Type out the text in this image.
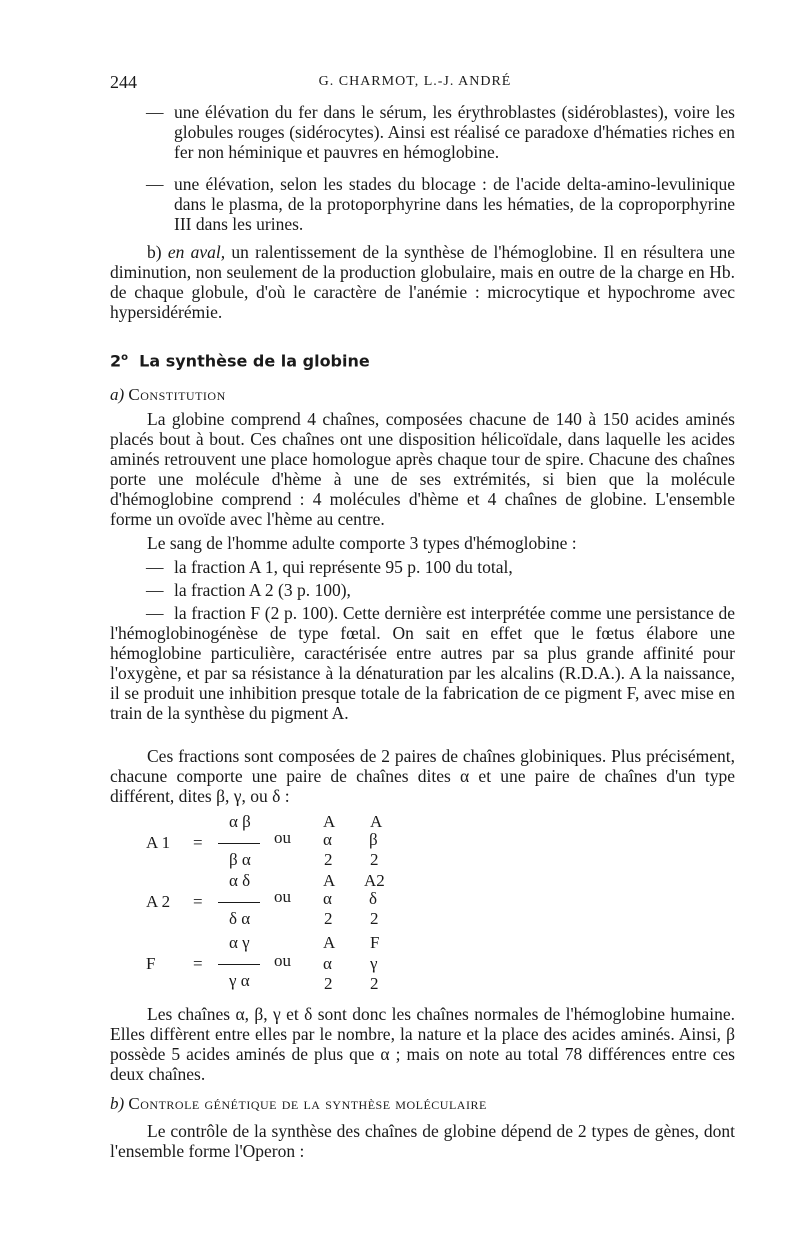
244	G. CHARMOT, L.-J. ANDRÉ
— une élévation du fer dans le sérum, les érythroblastes (sidéroblastes), voire les globules rouges (sidérocytes). Ainsi est réalisé ce paradoxe d'hématies riches en fer non héminique et pauvres en hémoglobine.
— une élévation, selon les stades du blocage : de l'acide delta-amino-levulinique dans le plasma, de la protoporphyrine dans les hématies, de la coproporphyrine III dans les urines.
b) en aval, un ralentissement de la synthèse de l'hémoglobine. Il en résultera une diminution, non seulement de la production globulaire, mais en outre de la charge en Hb. de chaque globule, d'où le caractère de l'anémie : microcytique et hypochrome avec hypersidérémie.
2$^o$ La synthèse de la globine
a) Constitution
La globine comprend 4 chaînes, composées chacune de 140 à 150 acides aminés placés bout à bout. Ces chaînes ont une disposition hélicoïdale, dans laquelle les acides aminés retrouvent une place homologue après chaque tour de spire. Chacune des chaînes porte une molécule d'hème à une de ses extrémités, si bien que la molécule d'hémoglobine comprend : 4 molécules d'hème et 4 chaînes de globine. L'ensemble forme un ovoïde avec l'hème au centre.
Le sang de l'homme adulte comporte 3 types d'hémoglobine :
— la fraction A 1, qui représente 95 p. 100 du total,
— la fraction A 2 (3 p. 100),
— la fraction F (2 p. 100). Cette dernière est interprétée comme une persistance de l'hémoglobinogénèse de type fœtal. On sait en effet que le fœtus élabore une hémoglobine particulière, caractérisée entre autres par sa plus grande affinité pour l'oxygène, et par sa résistance à la dénaturation par les alcalins (R.D.A.). A la naissance, il se produit une inhibition presque totale de la fabrication de ce pigment F, avec mise en train de la synthèse du pigment A.
Ces fractions sont composées de 2 paires de chaînes globiniques. Plus précisément, chacune comporte une paire de chaînes dites α et une paire de chaînes d'un type différent, dites β, γ, ou δ :
A 1 =
α β
β α
ou
A A
α β
2 2
A 2 =
α δ
δ α
ou
A A2
α δ
2 2
F =
α γ
γ α
ou
A F
α γ
2 2
Les chaînes α, β, γ et δ sont donc les chaînes normales de l'hémoglobine humaine. Elles diffèrent entre elles par le nombre, la nature et la place des acides aminés. Ainsi, β possède 5 acides aminés de plus que α ; mais on note au total 78 différences entre ces deux chaînes.
b) Controle génétique de la synthèse moléculaire
Le contrôle de la synthèse des chaînes de globine dépend de 2 types de gènes, dont l'ensemble forme l'Operon :
